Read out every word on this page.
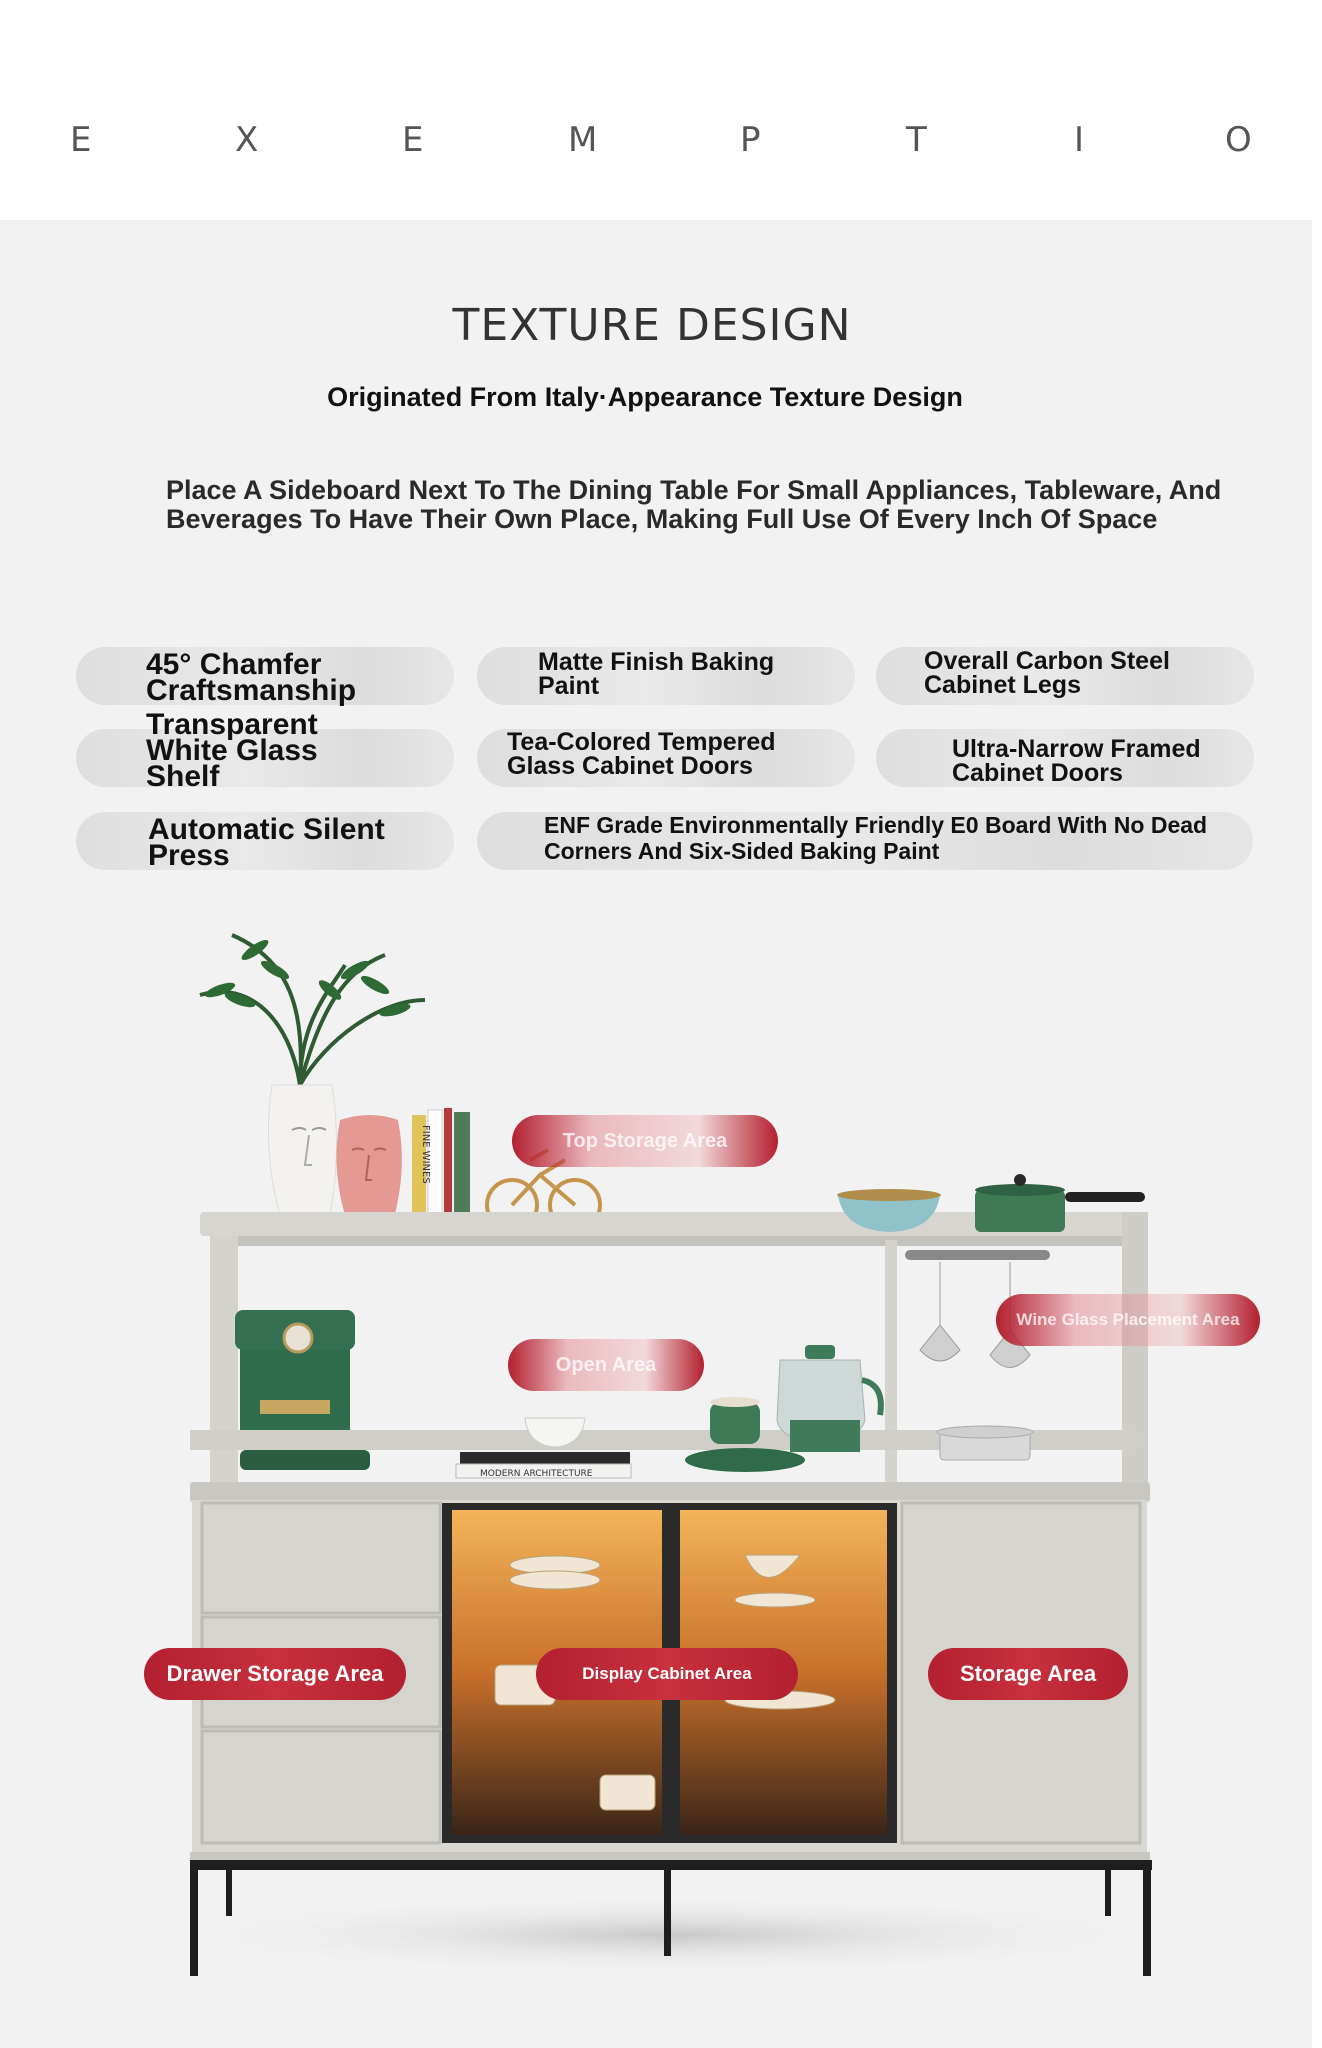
E	X	E	M	P	T	I	O
TEXTURE DESIGN
Originated From Italy·Appearance Texture Design
Place A Sideboard Next To The Dining Table For Small Appliances, Tableware, And Beverages To Have Their Own Place, Making Full Use Of Every Inch Of Space
45° Chamfer Craftsmanship
Matte Finish Baking Paint
Overall Carbon Steel Cabinet Legs
Transparent White Glass Shelf
Tea-Colored Tempered Glass Cabinet Doors
Ultra-Narrow Framed Cabinet Doors
Automatic Silent Press
ENF Grade Environmentally Friendly E0 Board With No Dead Corners And Six-Sided Baking Paint
FINE WINES
MODERN ARCHITECTURE
Top Storage Area
Wine Glass Placement Area
Open Area
Drawer Storage Area	Display Cabinet Area	Storage Area
